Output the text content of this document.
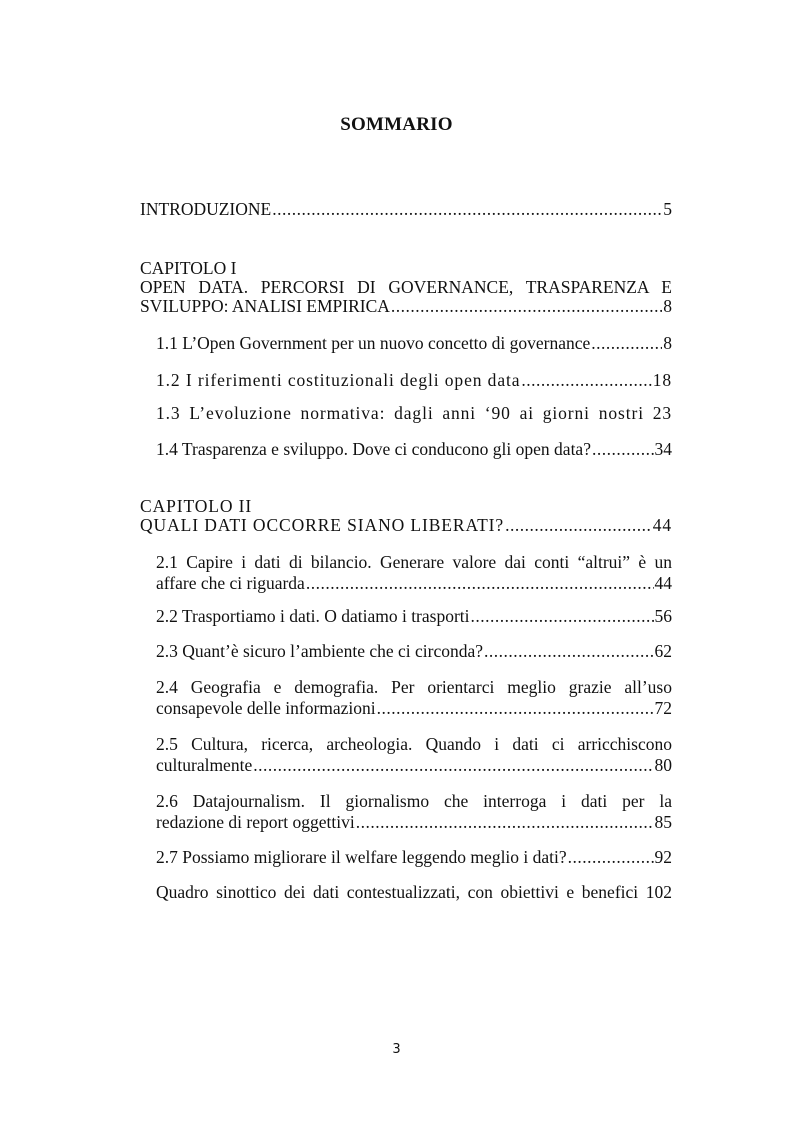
SOMMARIO
INTRODUZIONE .....	5
CAPITOLO I
OPEN DATA. PERCORSI DI GOVERNANCE, TRASPARENZA E
SVILUPPO: ANALISI EMPIRICA .....	8
1.1 L’Open Government per un nuovo concetto di governance .....	8
1.2 I riferimenti costituzionali degli open data .....	18
1.3 L’evoluzione normativa: dagli anni ‘90 ai giorni nostri 23
1.4 Trasparenza e sviluppo. Dove ci conducono gli open data? .....	34
CAPITOLO II
QUALI DATI OCCORRE SIANO LIBERATI? .....	44
2.1 Capire i dati di bilancio. Generare valore dai conti “altrui” è un
affare che ci riguarda .....	44
2.2 Trasportiamo i dati. O datiamo i trasporti .....	56
2.3 Quant’è sicuro l’ambiente che ci circonda? .....	62
2.4 Geografia e demografia. Per orientarci meglio grazie all’uso
consapevole delle informazioni .....	72
2.5 Cultura, ricerca, archeologia. Quando i dati ci arricchiscono
culturalmente .....	80
2.6 Datajournalism. Il giornalismo che interroga i dati per la
redazione di report oggettivi .....	85
2.7 Possiamo migliorare il welfare leggendo meglio i dati? .....	92
Quadro sinottico dei dati contestualizzati, con obiettivi e benefici 102
3
